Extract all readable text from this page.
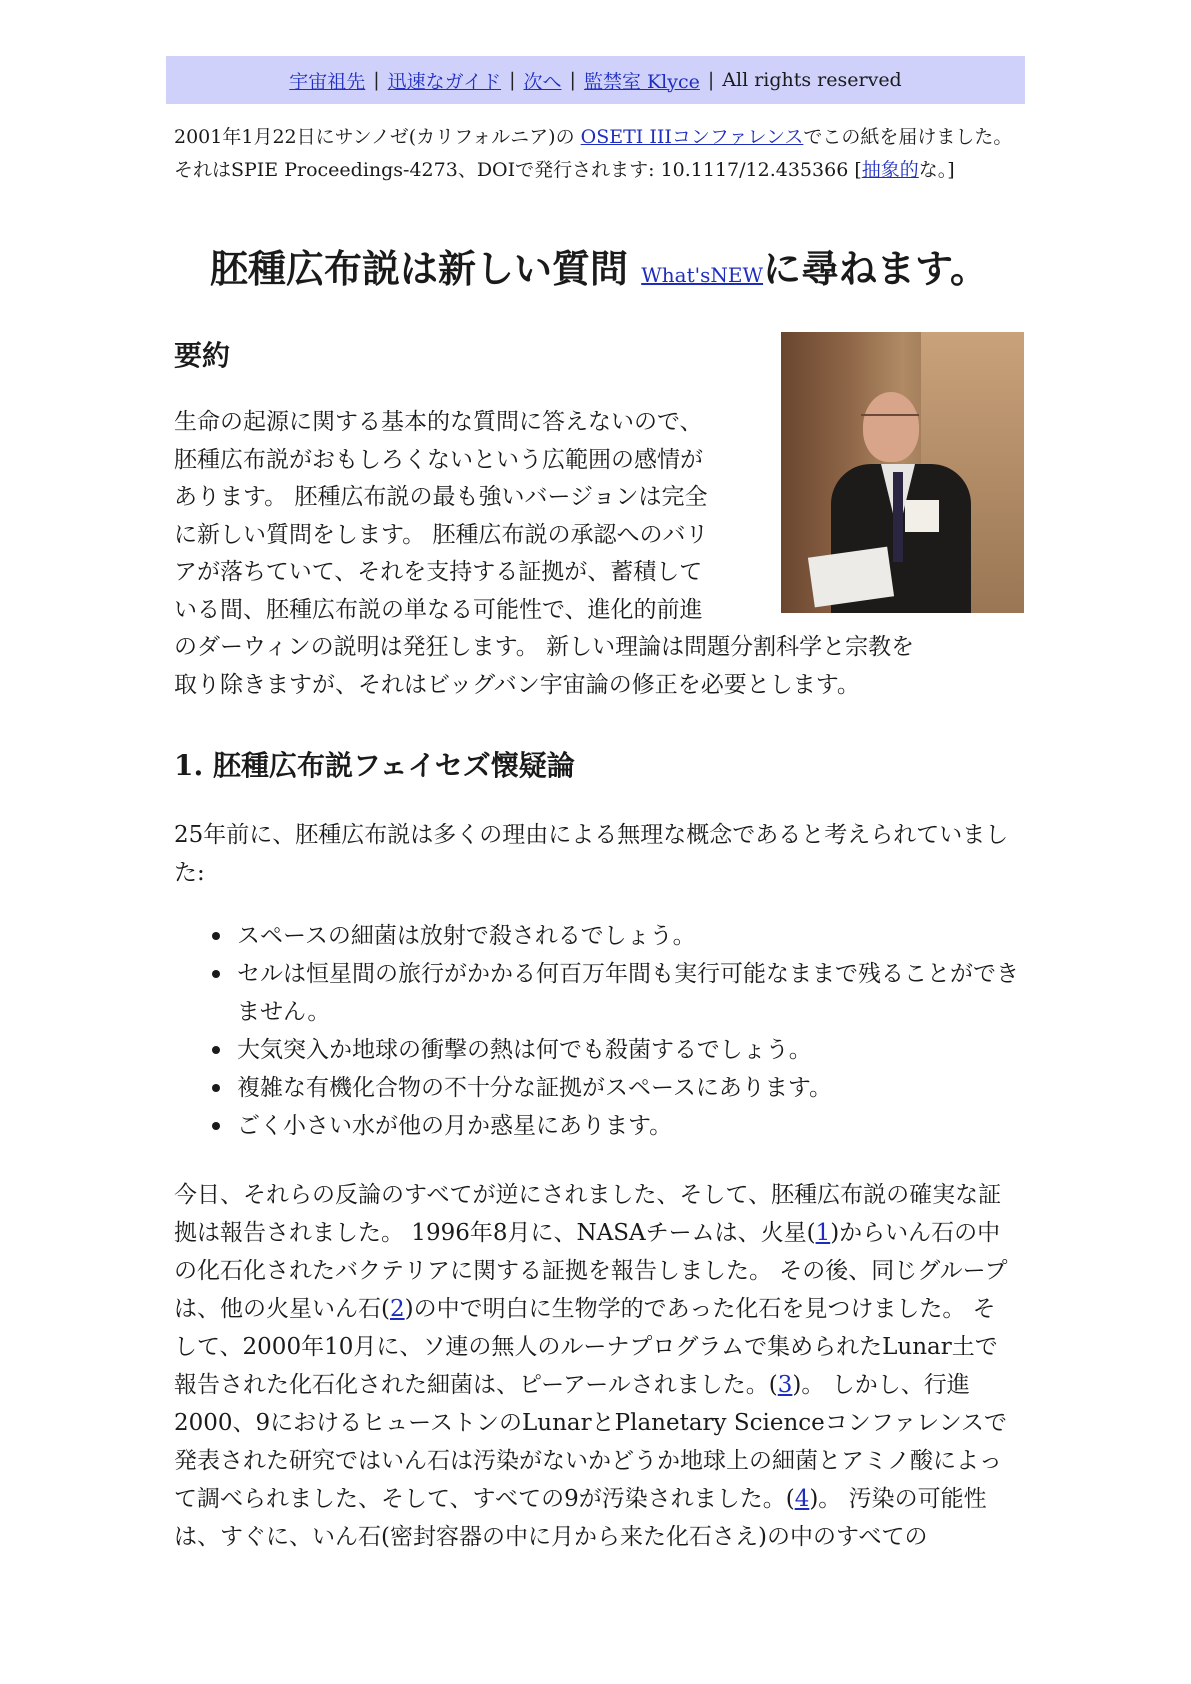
宇宙祖先 | 迅速なガイド | 次へ | 監禁室 Klyce | All rights reserved

2001年1月22日にサンノゼ(カリフォルニア)の OSETI IIIコンファレンスでこの紙を届けました。 それはSPIE Proceedings-4273、DOIで発行されます: 10.1117/12.435366 [抽象的な。]

胚種広布説は新しい質問 What'sNEWに尋ねます。
要約

生命の起源に関する基本的な質問に答えないので、
胚種広布説がおもしろくないという広範囲の感情が
あります。 胚種広布説の最も強いバージョンは完全
に新しい質問をします。 胚種広布説の承認へのバリ
アが落ちていて、それを支持する証拠が、蓄積して
いる間、胚種広布説の単なる可能性で、進化的前進
のダーウィンの説明は発狂します。 新しい理論は問題分割科学と宗教を
取り除きますが、それはビッグバン宇宙論の修正を必要とします。

1. 胚種広布説フェイセズ懐疑論

25年前に、胚種広布説は多くの理由による無理な概念であると考えられていました:

スペースの細菌は放射で殺されるでしょう。
セルは恒星間の旅行がかかる何百万年間も実行可能なままで残ることができません。
大気突入か地球の衝撃の熱は何でも殺菌するでしょう。
複雑な有機化合物の不十分な証拠がスペースにあります。
ごく小さい水が他の月か惑星にあります。

今日、それらの反論のすべてが逆にされました、そして、胚種広布説の確実な証拠は報告されました。 1996年8月に、NASAチームは、火星(1)からいん石の中の化石化されたバクテリアに関する証拠を報告しました。 その後、同じグループは、他の火星いん石(2)の中で明白に生物学的であった化石を見つけました。 そして、2000年10月に、ソ連の無人のルーナプログラムで集められたLunar土で報告された化石化された細菌は、ピーアールされました。(3)。 しかし、行進2000、9におけるヒューストンのLunarとPlanetary Scienceコンファレンスで発表された研究ではいん石は汚染がないかどうか地球上の細菌とアミノ酸によって調べられました、そして、すべての9が汚染されました。(4)。 汚染の可能性は、すぐに、いん石(密封容器の中に月から来た化石さえ)の中のすべての
